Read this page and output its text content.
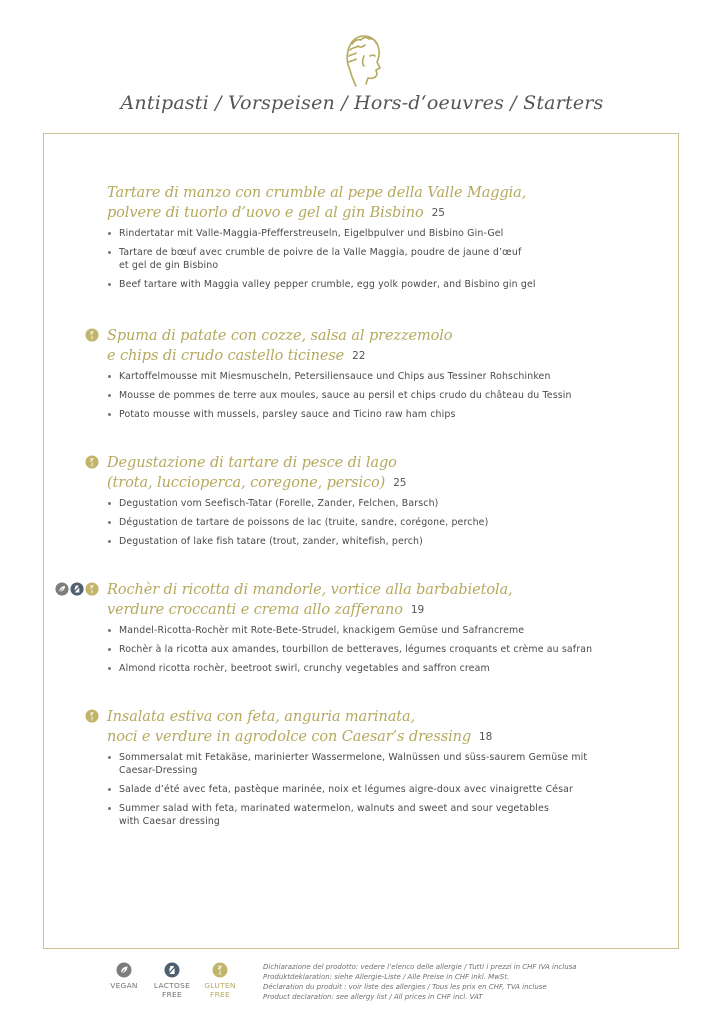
Antipasti / Vorspeisen / Hors-d‘oeuvres / Starters
Tartare di manzo con crumble al pepe della Valle Maggia,
polvere di tuorlo d’uovo e gel al gin Bisbino 25
Rindertatar mit Valle-Maggia-Pfefferstreuseln, Eigelbpulver und Bisbino Gin-Gel
Tartare de bœuf avec crumble de poivre de la Valle Maggia, poudre de jaune d’œuf
et gel de gin Bisbino
Beef tartare with Maggia valley pepper crumble, egg yolk powder, and Bisbino gin gel
Spuma di patate con cozze, salsa al prezzemolo
e chips di crudo castello ticinese 22
Kartoffelmousse mit Miesmuscheln, Petersiliensauce und Chips aus Tessiner Rohschinken
Mousse de pommes de terre aux moules, sauce au persil et chips crudo du château du Tessin
Potato mousse with mussels, parsley sauce and Ticino raw ham chips
Degustazione di tartare di pesce di lago
(trota, luccioperca, coregone, persico) 25
Degustation vom Seefisch-Tatar (Forelle, Zander, Felchen, Barsch)
Dégustation de tartare de poissons de lac (truite, sandre, corégone, perche)
Degustation of lake fish tatare (trout, zander, whitefish, perch)
Rochèr di ricotta di mandorle, vortice alla barbabietola,
verdure croccanti e crema allo zafferano 19
Mandel-Ricotta-Rochèr mit Rote-Bete-Strudel, knackigem Gemüse und Safrancreme
Rochèr à la ricotta aux amandes, tourbillon de betteraves, légumes croquants et crème au safran
Almond ricotta rochèr, beetroot swirl, crunchy vegetables and saffron cream
Insalata estiva con feta, anguria marinata,
noci e verdure in agrodolce con Caesar’s dressing 18
Sommersalat mit Fetakäse, marinierter Wassermelone, Walnüssen und süss-saurem Gemüse mit
Caesar-Dressing
Salade d’été avec feta, pastèque marinée, noix et légumes aigre-doux avec vinaigrette César
Summer salad with feta, marinated watermelon, walnuts and sweet and sour vegetables
with Caesar dressing
VEGAN LACTOSE
FREE
GLUTEN
FREE
Dichiarazione del prodotto: vedere l’elenco delle allergie / Tutti i prezzi in CHF IVA inclusa
Produktdeklaration: siehe Allergie-Liste / Alle Preise in CHF inkl. MwSt.
Déclaration du produit : voir liste des allergies / Tous les prix en CHF, TVA incluse
Product declaration: see allergy list / All prices in CHF incl. VAT
